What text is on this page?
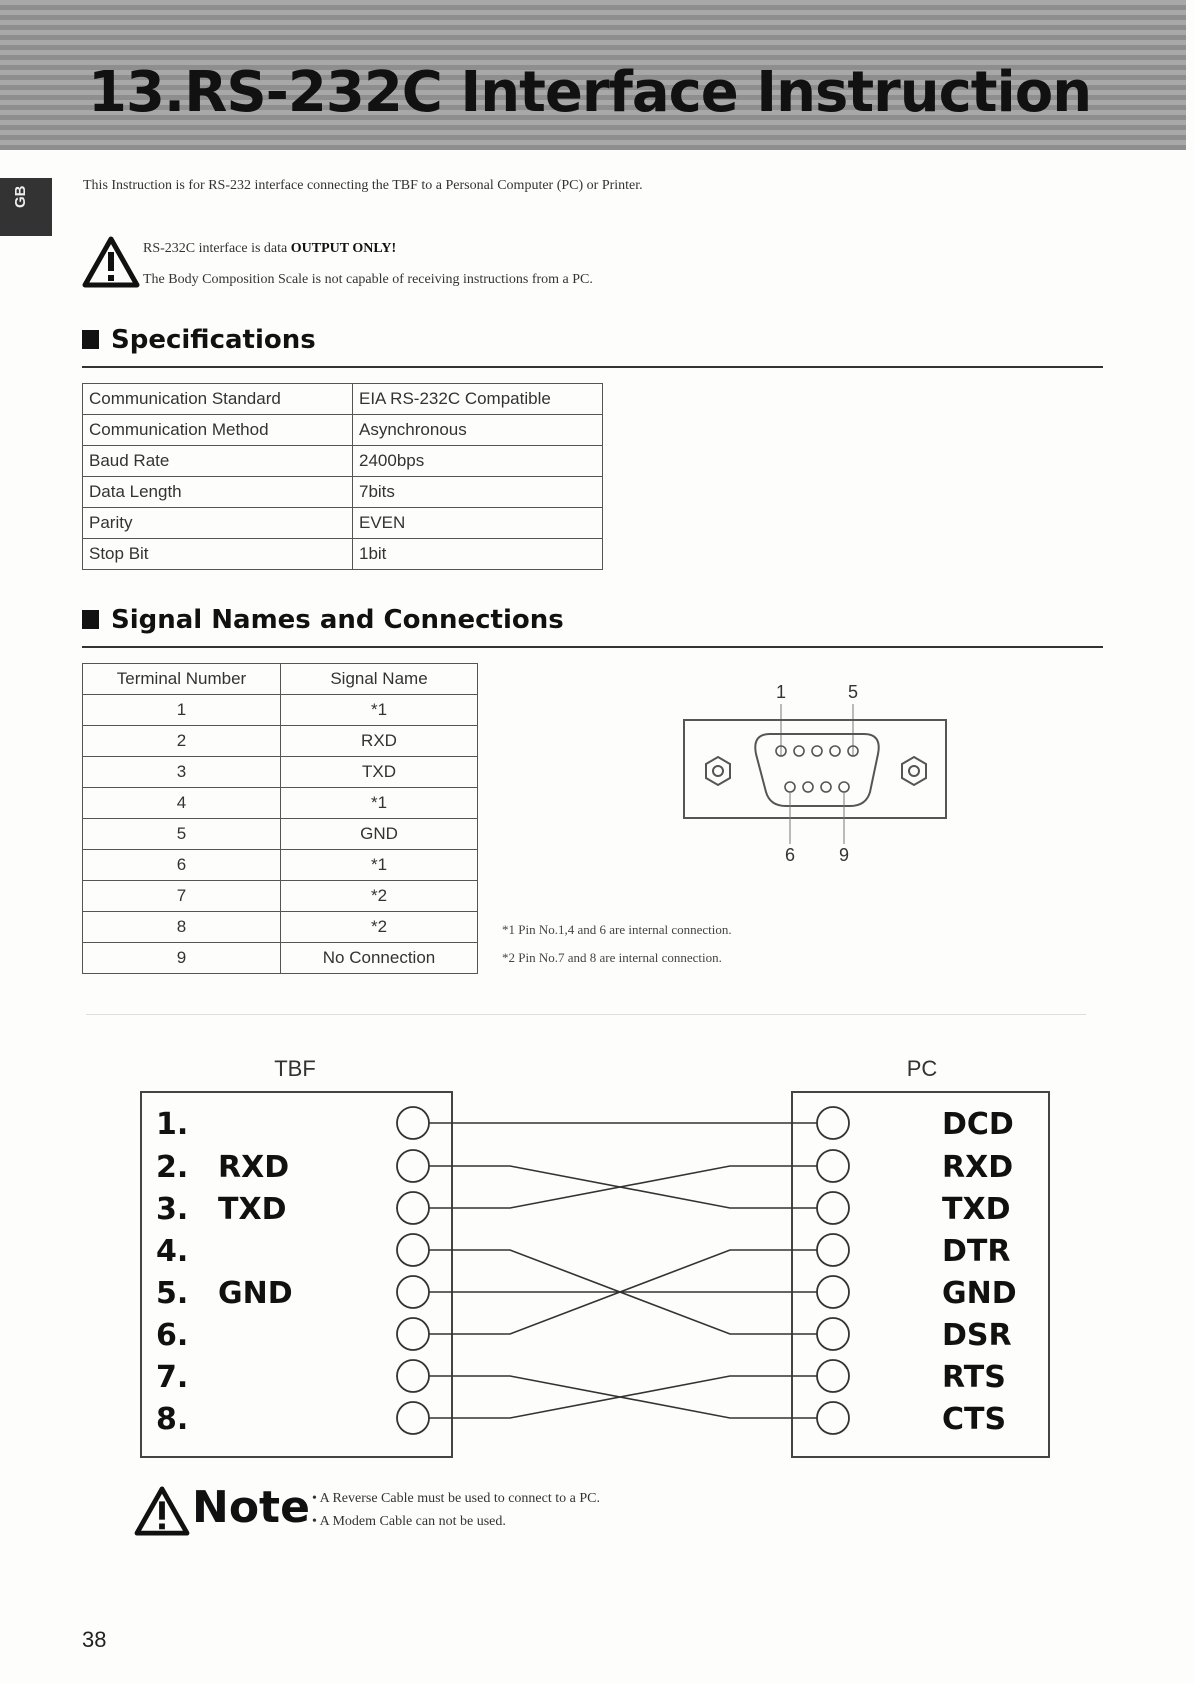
13.RS-232C Interface Instruction
GB	This Instruction is for RS-232 interface connecting the TBF to a Personal Computer (PC) or Printer.
RS-232C interface is data OUTPUT ONLY!
The Body Composition Scale is not capable of receiving instructions from a PC.
Specifications
Communication Standard	EIA RS-232C Compatible
Communication Method	Asynchronous
Baud Rate	2400bps
Data Length	7bits
Parity	EVEN
Stop Bit	1bit
Signal Names and Connections
Terminal Number	Signal Name
1	*1
2	RXD
3	TXD
4	*1
5	GND
6	*1
7	*2
8	*2
9	No Connection
1	5
6 9
*1 Pin No.1,4 and 6 are internal connection.
*2 Pin No.7 and 8 are internal connection.
TBF	PC
1.	DCD
2. RXD	RXD
3. TXD	TXD
4.	DTR
5. GND	GND
6.	DSR
7.	RTS
8.	CTS
Note • A Reverse Cable must be used to connect to a PC.
• A Modem Cable can not be used.
38
